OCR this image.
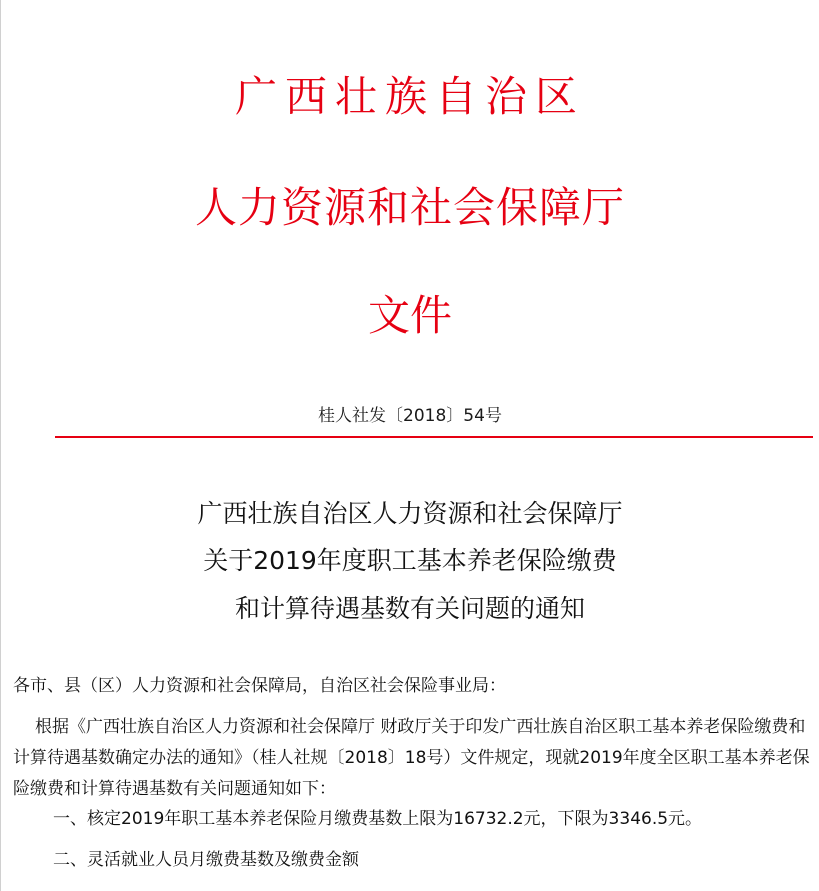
广西壮族自治区
人力资源和社会保障厅
文件
桂人社发〔2018〕54号
广西壮族自治区人力资源和社会保障厅
关于2019年度职工基本养老保险缴费
和计算待遇基数有关问题的通知
各市、县（区）人力资源和社会保障局，自治区社会保险事业局：
根据《广西壮族自治区人力资源和社会保障厅 财政厅关于印发广西壮族自治区职工基本养老保险缴费和计算待遇基数确定办法的通知》（桂人社规〔2018〕18号）文件规定，现就2019年度全区职工基本养老保险缴费和计算待遇基数有关问题通知如下：
一、核定2019年职工基本养老保险月缴费基数上限为16732.2元，下限为3346.5元。
二、灵活就业人员月缴费基数及缴费金额
